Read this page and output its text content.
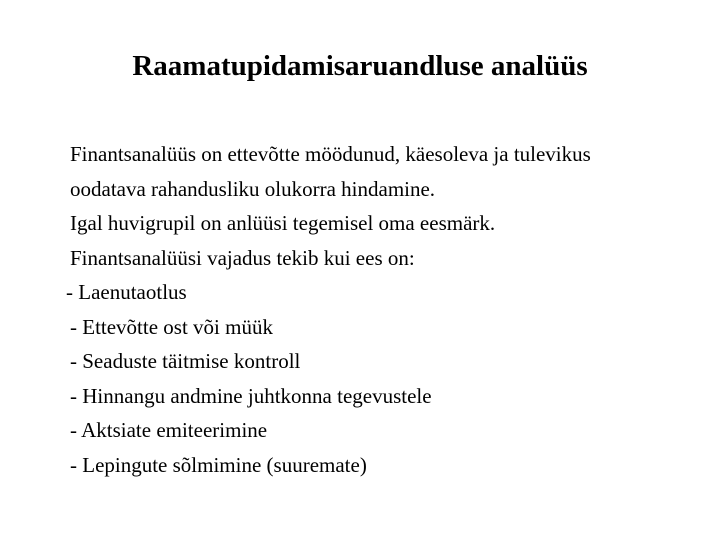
Raamatupidamisaruandluse analüüs
Finantsanalüüs on ettevõtte möödunud, käesoleva ja tulevikus
oodatava rahandusliku olukorra hindamine.
Igal huvigrupil on anlüüsi tegemisel oma eesmärk.
Finantsanalüüsi vajadus tekib kui ees on:
- Laenutaotlus
- Ettevõtte ost või müük
- Seaduste täitmise kontroll
- Hinnangu andmine juhtkonna tegevustele
- Aktsiate emiteerimine
- Lepingute sõlmimine (suuremate)
